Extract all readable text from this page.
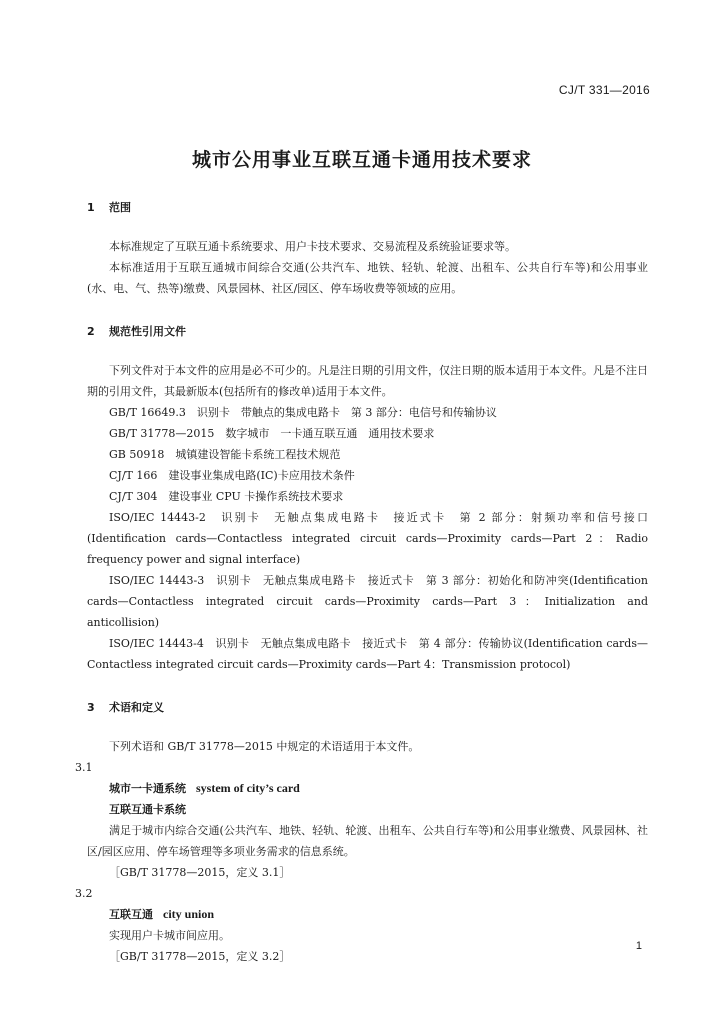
CJ/T 331—2016
城市公用事业互联互通卡通用技术要求
1 范围

本标准规定了互联互通卡系统要求、用户卡技术要求、交易流程及系统验证要求等。

本标准适用于互联互通城市间综合交通(公共汽车、地铁、轻轨、轮渡、出租车、公共自行车等)和公用事业(水、电、气、热等)缴费、风景园林、社区/园区、停车场收费等领域的应用。

2 规范性引用文件

下列文件对于本文件的应用是必不可少的。凡是注日期的引用文件，仅注日期的版本适用于本文件。凡是不注日期的引用文件，其最新版本(包括所有的修改单)适用于本文件。

GB/T 16649.3　识别卡　带触点的集成电路卡　第 3 部分：电信号和传输协议
GB/T 31778—2015　数字城市　一卡通互联互通　通用技术要求
GB 50918　城镇建设智能卡系统工程技术规范
CJ/T 166　建设事业集成电路(IC)卡应用技术条件
CJ/T 304　建设事业 CPU 卡操作系统技术要求
ISO/IEC 14443-2　识别卡　无触点集成电路卡　接近式卡　第 2 部分：射频功率和信号接口(Identification cards—Contactless integrated circuit cards—Proximity cards—Part 2：Radio frequency power and signal interface)
ISO/IEC 14443-3　识别卡　无触点集成电路卡　接近式卡　第 3 部分：初始化和防冲突(Identification cards—Contactless integrated circuit cards—Proximity cards—Part 3：Initialization and anticollision)
ISO/IEC 14443-4　识别卡　无触点集成电路卡　接近式卡　第 4 部分：传输协议(Identification cards—Contactless integrated circuit cards—Proximity cards—Part 4：Transmission protocol)
3 术语和定义

下列术语和 GB/T 31778—2015 中规定的术语适用于本文件。

3.1
城市一卡通系统 system of city’s card
互联互通卡系统

满足于城市内综合交通(公共汽车、地铁、轻轨、轮渡、出租车、公共自行车等)和公用事业缴费、风景园林、社区/园区应用、停车场管理等多项业务需求的信息系统。

［GB/T 31778—2015，定义 3.1］
3.2
互联互通 city union

实现用户卡城市间应用。

［GB/T 31778—2015，定义 3.2］
1
